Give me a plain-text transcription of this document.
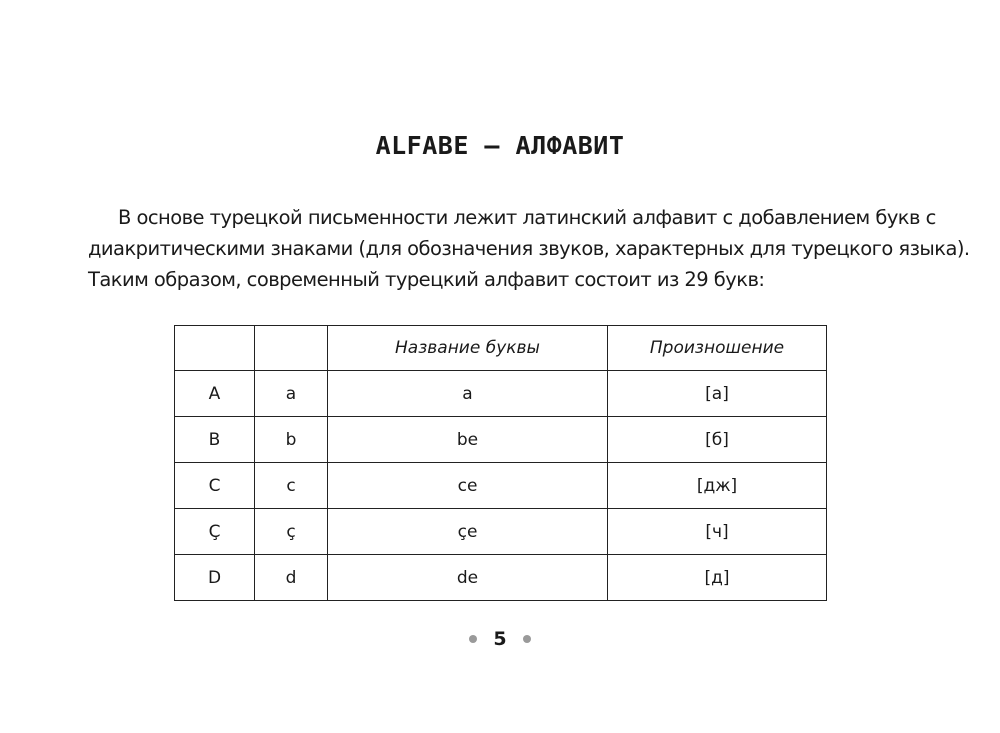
ALFABE — АЛФАВИТ
В основе турецкой письменности лежит латинский алфавит с добавлением букв с
диакритическими знаками (для обозначения звуков, характерных для турецкого языка).
Таким образом, современный турецкий алфавит состоит из 29 букв:
		Название буквы	Произношение
A	a	a	[а]
B	b	be	[б]
C	c	ce	[дж]
Ç	ç	çe	[ч]
D	d	de	[д]
5
